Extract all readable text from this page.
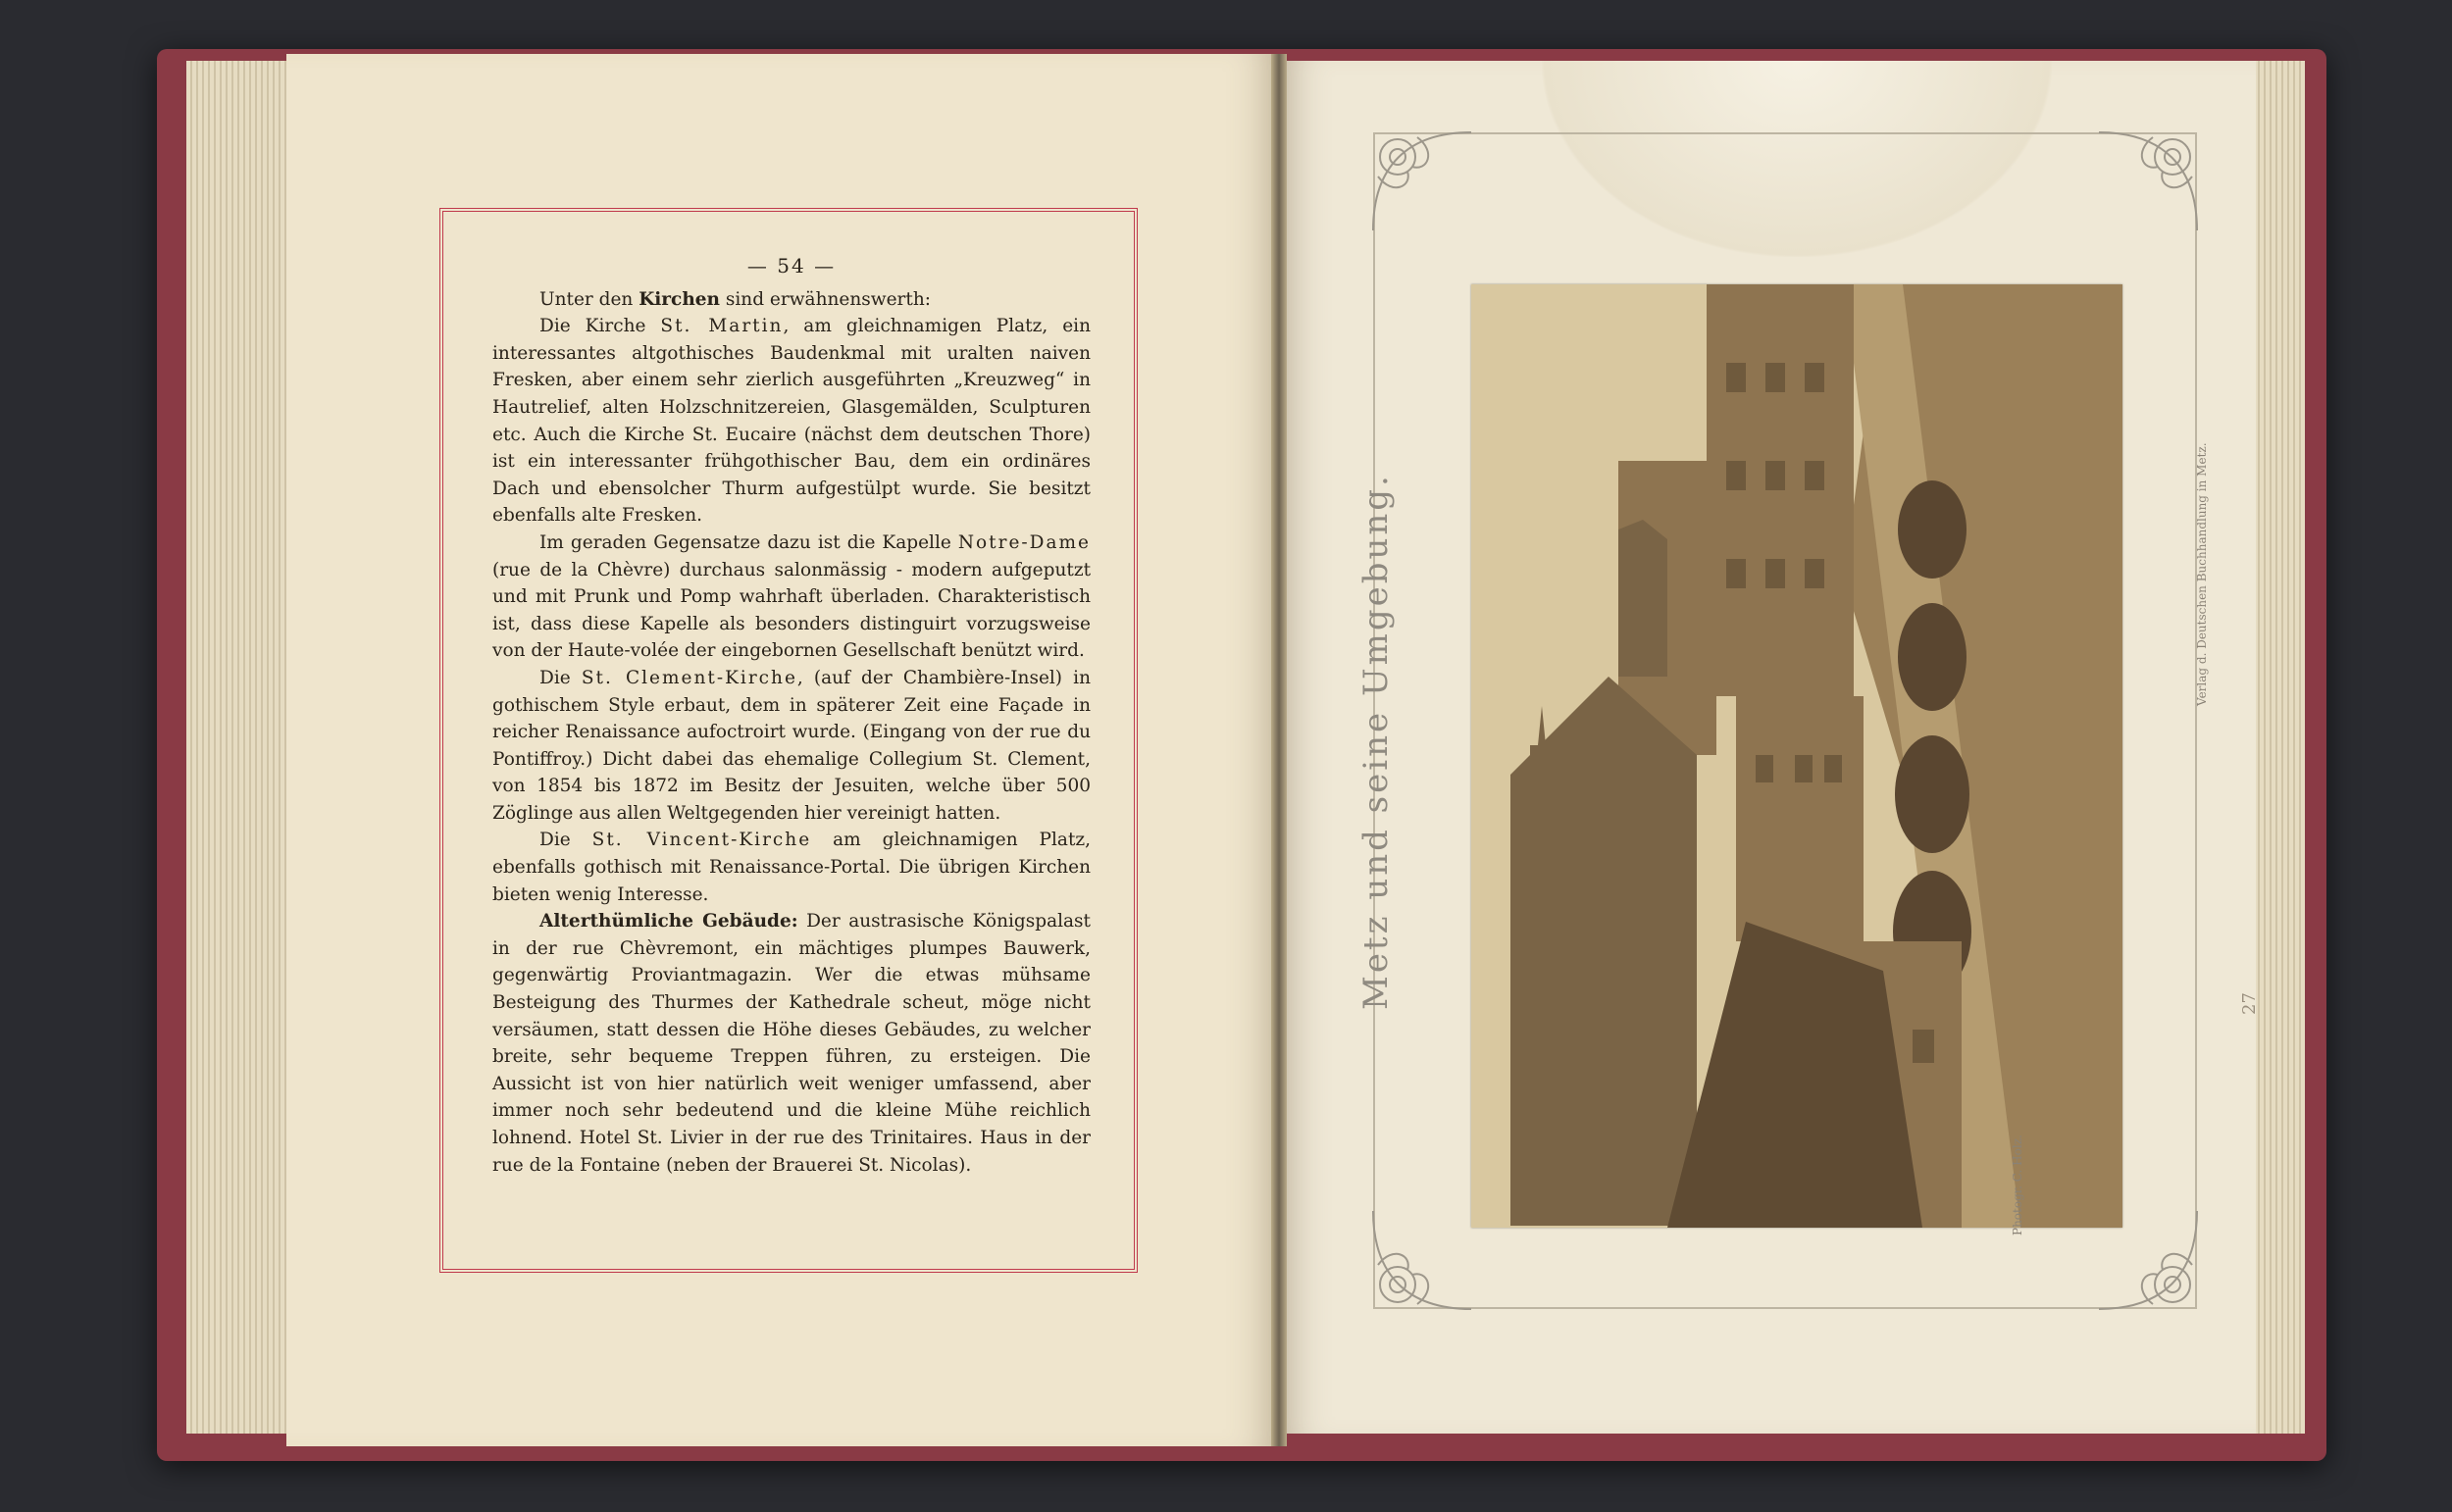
— 54 —

Unter den Kirchen sind erwähnenswerth:

Die Kirche St. Martin, am gleichnamigen Platz, ein interessantes altgothisches Baudenkmal mit uralten naiven Fresken, aber einem sehr zierlich ausgeführten „Kreuzweg“ in Hautrelief, alten Holzschnitzereien, Glasgemälden, Sculpturen etc. Auch die Kirche St. Eucaire (nächst dem deutschen Thore) ist ein interessanter frühgothischer Bau, dem ein ordinäres Dach und ebensolcher Thurm aufgestülpt wurde. Sie besitzt ebenfalls alte Fresken.

Im geraden Gegensatze dazu ist die Kapelle Notre-Dame (rue de la Chèvre) durchaus salonmässig - modern aufgeputzt und mit Prunk und Pomp wahrhaft überladen. Charakteristisch ist, dass diese Kapelle als besonders distinguirt vorzugsweise von der Haute-volée der eingebornen Gesellschaft benützt wird.

Die St. Clement-Kirche, (auf der Chambière-Insel) in gothischem Style erbaut, dem in späterer Zeit eine Façade in reicher Renaissance aufoctroirt wurde. (Eingang von der rue du Pontiffroy.) Dicht dabei das ehemalige Collegium St. Clement, von 1854 bis 1872 im Besitz der Jesuiten, welche über 500 Zöglinge aus allen Weltgegenden hier vereinigt hatten.

Die St. Vincent-Kirche am gleichnamigen Platz, ebenfalls gothisch mit Renaissance-Portal. Die übrigen Kirchen bieten wenig Interesse.

Alterthümliche Gebäude: Der austrasische Königspalast in der rue Chèvremont, ein mächtiges plumpes Bauwerk, gegenwärtig Proviantmagazin. Wer die etwas mühsame Besteigung des Thurmes der Kathedrale scheut, möge nicht versäumen, statt dessen die Höhe dieses Gebäudes, zu welcher breite, sehr bequeme Treppen führen, zu ersteigen. Die Aussicht ist von hier natürlich weit weniger umfassend, aber immer noch sehr bedeutend und die kleine Mühe reichlich lohnend. Hotel St. Livier in der rue des Trinitaires. Haus in der rue de la Fontaine (neben der Brauerei St. Nicolas).

Metz und seine Umgebung.
Photogr. C. Holz.
Verlag d. Deutschen Buchhandlung in Metz.
27
